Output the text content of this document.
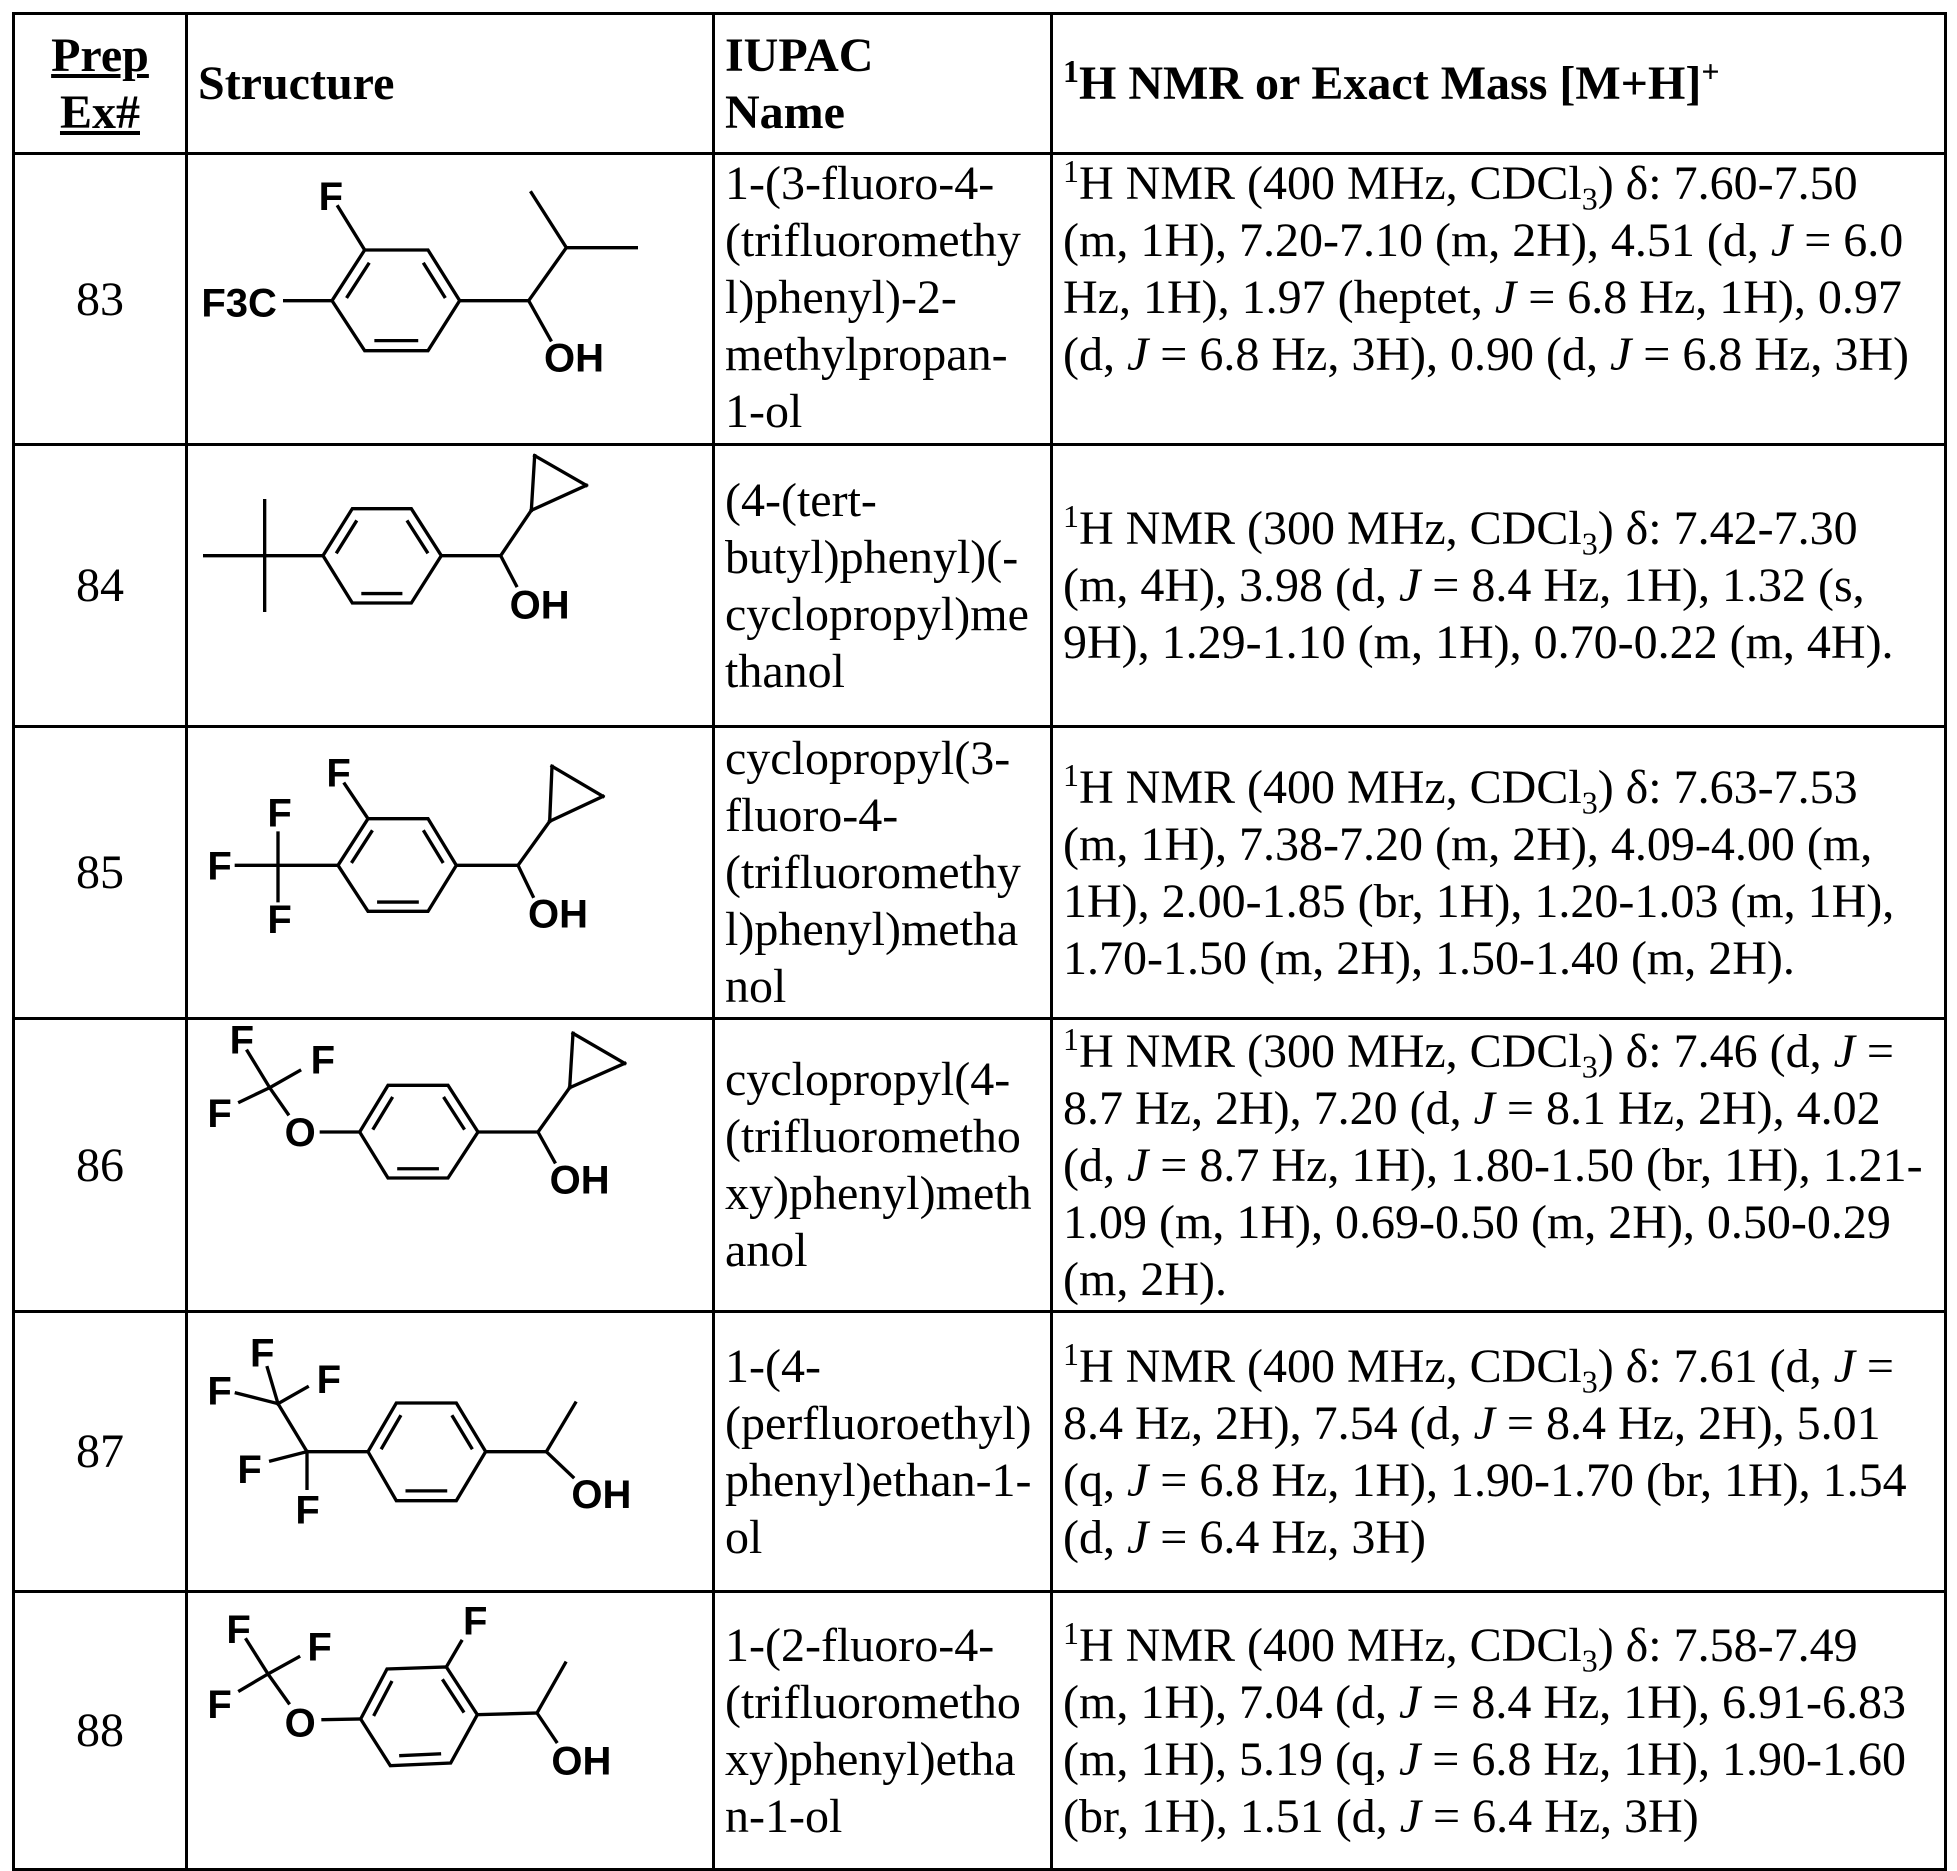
Prep
Ex#	Structure	IUPAC
Name	1H NMR or Exact Mass [M+H]+
83	
F
F3C
OH

1-(3-fluoro-4-
(trifluoromethy
l)phenyl)-2-
methylpropan-
1-ol
	1H NMR (400 MHz, CDCl3) δ: 7.60-7.50 (m, 1H), 7.20-7.10 (m, 2H), 4.51 (d, J = 6.0 Hz, 1H), 1.97 (heptet, J = 6.8 Hz, 1H), 0.97 (d, J = 6.8 Hz, 3H), 0.90 (d, J = 6.8 Hz, 3H)
84	OH

(4-(tert-
butyl)phenyl)(-
cyclopropyl)me
thanol
	1H NMR (300 MHz, CDCl3) δ: 7.42-7.30 (m, 4H), 3.98 (d, J = 8.4 Hz, 1H), 1.32 (s, 9H), 1.29-1.10 (m, 1H), 0.70-0.22 (m, 4H).
85	
F
F
F
F OH

cyclopropyl(3-
fluoro-4-
(trifluoromethy
l)phenyl)metha
nol
	1H NMR (400 MHz, CDCl3) δ: 7.63-7.53 (m, 1H), 7.38-7.20 (m, 2H), 4.09-4.00 (m, 1H), 2.00-1.85 (br, 1H), 1.20-1.03 (m, 1H), 1.70-1.50 (m, 2H), 1.50-1.40 (m, 2H).
86	
F F
F O
OH

cyclopropyl(4-
(trifluorometho
xy)phenyl)meth
anol
	1H NMR (300 MHz, CDCl3) δ: 7.46 (d, J = 8.7 Hz, 2H), 7.20 (d, J = 8.1 Hz, 2H), 4.02 (d, J = 8.7 Hz, 1H), 1.80-1.50 (br, 1H), 1.21-1.09 (m, 1H), 0.69-0.50 (m, 2H), 0.50-0.29 (m, 2H).
87	
F
F F
F
F OH

1-(4-
(perfluoroethyl)
phenyl)ethan-1-
ol
	1H NMR (400 MHz, CDCl3) δ: 7.61 (d, J = 8.4 Hz, 2H), 7.54 (d, J = 8.4 Hz, 2H), 5.01 (q, J = 6.8 Hz, 1H), 1.90-1.70 (br, 1H), 1.54 (d, J = 6.4 Hz, 3H)
88	
F F
F
F
O
OH

1-(2-fluoro-4-
(trifluorometho
xy)phenyl)etha
n-1-ol
	1H NMR (400 MHz, CDCl3) δ: 7.58-7.49 (m, 1H), 7.04 (d, J = 8.4 Hz, 1H), 6.91-6.83 (m, 1H), 5.19 (q, J = 6.8 Hz, 1H), 1.90-1.60 (br, 1H), 1.51 (d, J = 6.4 Hz, 3H)
